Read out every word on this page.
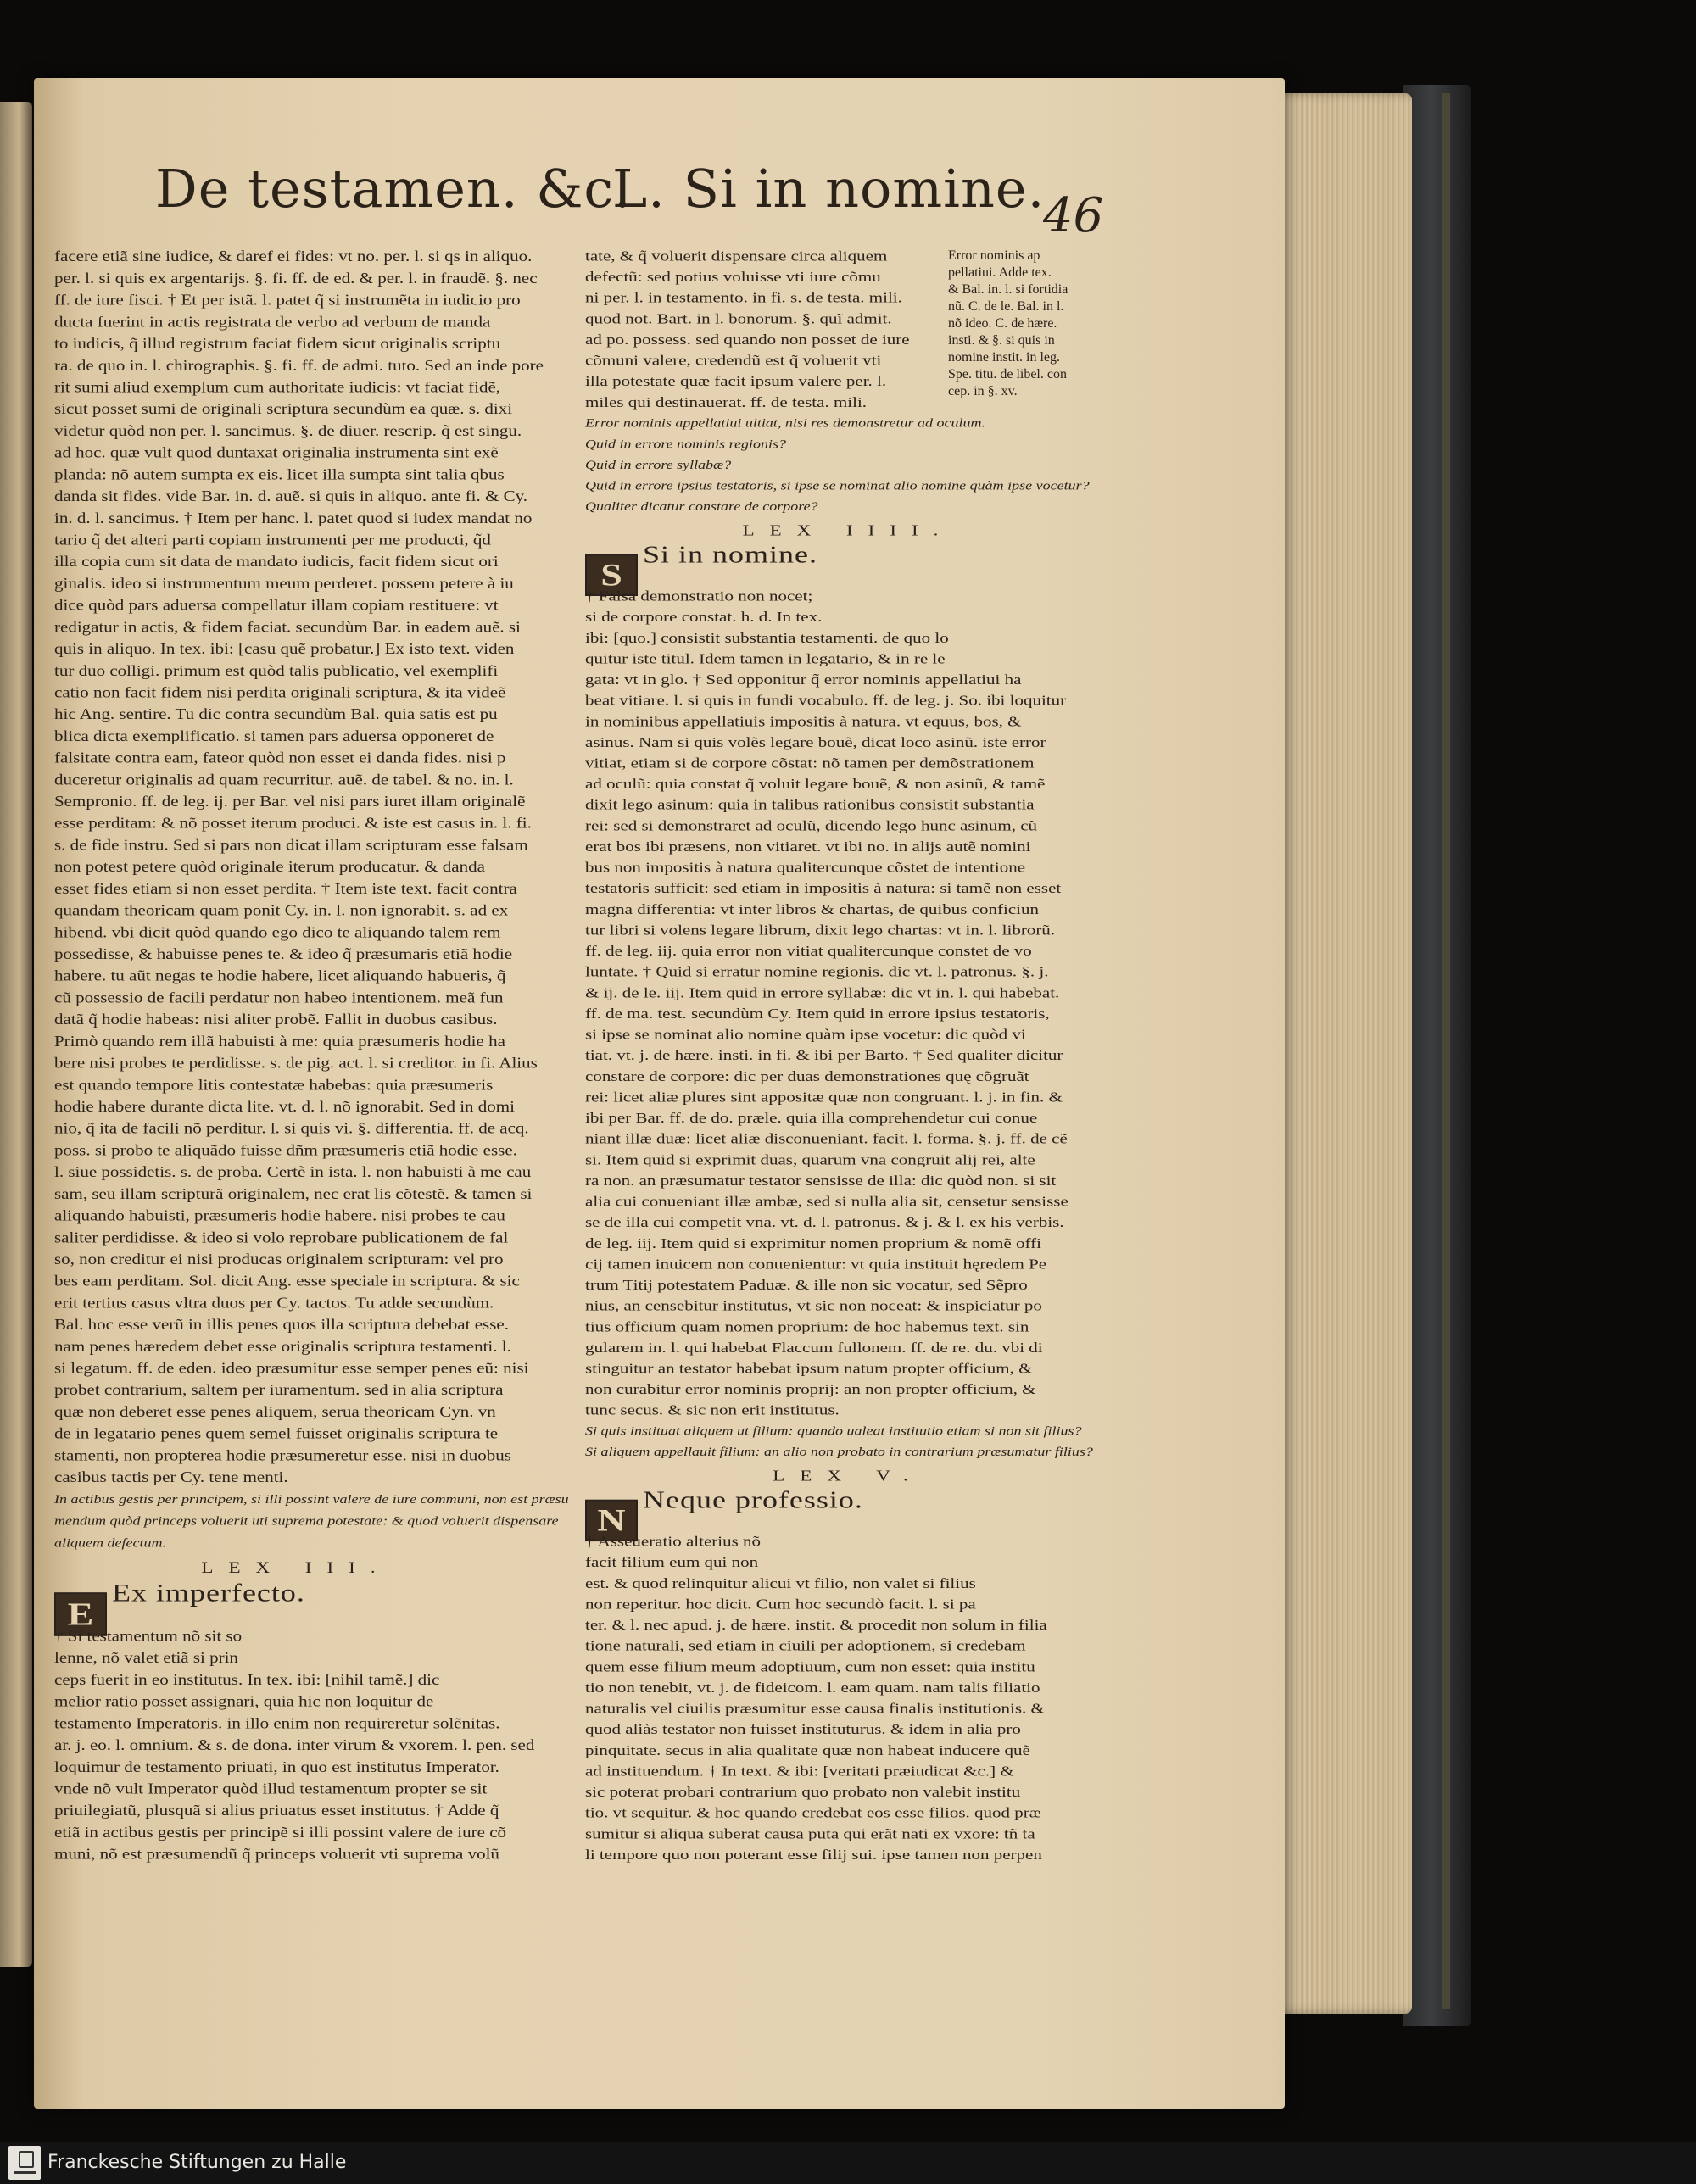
De testamen. &c.
L. Si in nomine.
46
facere etiã sine iudice, & daref ei fides: vt no. per. l. si qs in aliquo.
per. l. si quis ex argentarijs. §. fi. ff. de ed. & per. l. in fraudẽ. §. nec
ff. de iure fisci. † Et per istã. l. patet q̃ si instrumẽta in iudicio pro
ducta fuerint in actis registrata de verbo ad verbum de manda
to iudicis, q̃ illud registrum faciat fidem sicut originalis scriptu
ra. de quo in. l. chirographis. §. fi. ff. de admi. tuto. Sed an inde pore
rit sumi aliud exemplum cum authoritate iudicis: vt faciat fidẽ,
sicut posset sumi de originali scriptura secundùm ea quæ. s. dixi
videtur quòd non per. l. sancimus. §. de diuer. rescrip. q̃ est singu.
ad hoc. quæ vult quod duntaxat originalia instrumenta sint exẽ
planda: nõ autem sumpta ex eis. licet illa sumpta sint talia qbus
danda sit fides. vide Bar. in. d. auẽ. si quis in aliquo. ante fi. & Cy.
in. d. l. sancimus. † Item per hanc. l. patet quod si iudex mandat no
tario q̃ det alteri parti copiam instrumenti per me producti, q̃d
illa copia cum sit data de mandato iudicis, facit fidem sicut ori
ginalis. ideo si instrumentum meum perderet. possem petere à iu
dice quòd pars aduersa compellatur illam copiam restituere: vt
redigatur in actis, & fidem faciat. secundùm Bar. in eadem auẽ. si
quis in aliquo. In tex. ibi: [casu quẽ probatur.] Ex isto text. viden
tur duo colligi. primum est quòd talis publicatio, vel exemplifi
catio non facit fidem nisi perdita originali scriptura, & ita videẽ
hic Ang. sentire. Tu dic contra secundùm Bal. quia satis est pu
blica dicta exemplificatio. si tamen pars aduersa opponeret de
falsitate contra eam, fateor quòd non esset ei danda fides. nisi p
duceretur originalis ad quam recurritur. auẽ. de tabel. & no. in. l.
Sempronio. ff. de leg. ij. per Bar. vel nisi pars iuret illam originalẽ
esse perditam: & nõ posset iterum produci. & iste est casus in. l. fi.
s. de fide instru. Sed si pars non dicat illam scripturam esse falsam
non potest petere quòd originale iterum producatur. & danda
esset fides etiam si non esset perdita. † Item iste text. facit contra
quandam theoricam quam ponit Cy. in. l. non ignorabit. s. ad ex
hibend. vbi dicit quòd quando ego dico te aliquando talem rem
possedisse, & habuisse penes te. & ideo q̃ præsumaris etiã hodie
habere. tu aũt negas te hodie habere, licet aliquando habueris, q̃
cũ possessio de facili perdatur non habeo intentionem. meã fun
datã q̃ hodie habeas: nisi aliter probẽ. Fallit in duobus casibus.
Primò quando rem illã habuisti à me: quia præsumeris hodie ha
bere nisi probes te perdidisse. s. de pig. act. l. si creditor. in fi. Alius
est quando tempore litis contestatæ habebas: quia præsumeris
hodie habere durante dicta lite. vt. d. l. nõ ignorabit. Sed in domi
nio, q̃ ita de facili nõ perditur. l. si quis vi. §. differentia. ff. de acq.
poss. si probo te aliquãdo fuisse dñm præsumeris etiã hodie esse.
l. siue possidetis. s. de proba. Certè in ista. l. non habuisti à me cau
sam, seu illam scripturã originalem, nec erat lis cõtestẽ. & tamen si
aliquando habuisti, præsumeris hodie habere. nisi probes te cau
saliter perdidisse. & ideo si volo reprobare publicationem de fal
so, non creditur ei nisi producas originalem scripturam: vel pro
bes eam perditam. Sol. dicit Ang. esse speciale in scriptura. & sic
erit tertius casus vltra duos per Cy. tactos. Tu adde secundùm.
Bal. hoc esse verũ in illis penes quos illa scriptura debebat esse.
nam penes hæredem debet esse originalis scriptura testamenti. l.
si legatum. ff. de eden. ideo præsumitur esse semper penes eũ: nisi
probet contrarium, saltem per iuramentum. sed in alia scriptura
quæ non deberet esse penes aliquem, serua theoricam Cyn. vn
de in legatario penes quem semel fuisset originalis scriptura te
stamenti, non propterea hodie præsumeretur esse. nisi in duobus
casibus tactis per Cy. tene menti.
In actibus gestis per principem, si illi possint valere de iure communi, non est præsu
mendum quòd princeps voluerit uti suprema potestate: & quod voluerit dispensare
aliquem defectum.
LEX III.
EEx imperfecto.
† Si testamentum nõ sit so
lenne, nõ valet etiã si prin
ceps fuerit in eo institutus. In tex. ibi: [nihil tamẽ.] dic
melior ratio posset assignari, quia hic non loquitur de
testamento Imperatoris. in illo enim non requireretur solẽnitas.
ar. j. eo. l. omnium. & s. de dona. inter virum & vxorem. l. pen. sed
loquimur de testamento priuati, in quo est institutus Imperator.
vnde nõ vult Imperator quòd illud testamentum propter se sit
priuilegiatũ, plusquã si alius priuatus esset institutus. † Adde q̃
etiã in actibus gestis per principẽ si illi possint valere de iure cõ
muni, nõ est præsumendũ q̃ princeps voluerit vti suprema volũ
tate, & q̃ voluerit dispensare circa aliquem
defectũ: sed potius voluisse vti iure cõmu
ni per. l. in testamento. in fi. s. de testa. mili.
quod not. Bart. in l. bonorum. §. quĩ admit.
ad po. possess. sed quando non posset de iure
cõmuni valere, credendũ est q̃ voluerit vti
illa potestate quæ facit ipsum valere per. l.
miles qui destinauerat. ff. de testa. mili.
Error nominis appellatiui uitiat, nisi res demonstretur ad oculum.
Quid in errore nominis regionis?
Quid in errore syllabæ?
Quid in errore ipsius testatoris, si ipse se nominat alio nomine quàm ipse vocetur?
Qualiter dicatur constare de corpore?
LEX IIII.
SSi in nomine.
† Falsa demonstratio non nocet;
si de corpore constat. h. d. In tex.
ibi: [quo.] consistit substantia testamenti. de quo lo
quitur iste titul. Idem tamen in legatario, & in re le
gata: vt in glo. † Sed opponitur q̃ error nominis appellatiui ha
beat vitiare. l. si quis in fundi vocabulo. ff. de leg. j. So. ibi loquitur
in nominibus appellatiuis impositis à natura. vt equus, bos, &
asinus. Nam si quis volẽs legare bouẽ, dicat loco asinũ. iste error
vitiat, etiam si de corpore cõstat: nõ tamen per demõstrationem
ad oculũ: quia constat q̃ voluit legare bouẽ, & non asinũ, & tamẽ
dixit lego asinum: quia in talibus rationibus consistit substantia
rei: sed si demonstraret ad oculũ, dicendo lego hunc asinum, cũ
erat bos ibi præsens, non vitiaret. vt ibi no. in alijs autẽ nomini
bus non impositis à natura qualitercunque cõstet de intentione
testatoris sufficit: sed etiam in impositis à natura: si tamẽ non esset
magna differentia: vt inter libros & chartas, de quibus conficiun
tur libri si volens legare librum, dixit lego chartas: vt in. l. librorũ.
ff. de leg. iij. quia error non vitiat qualitercunque constet de vo
luntate. † Quid si erratur nomine regionis. dic vt. l. patronus. §. j.
& ij. de le. iij. Item quid in errore syllabæ: dic vt in. l. qui habebat.
ff. de ma. test. secundùm Cy. Item quid in errore ipsius testatoris,
si ipse se nominat alio nomine quàm ipse vocetur: dic quòd vi
tiat. vt. j. de hære. insti. in fi. & ibi per Barto. † Sed qualiter dicitur
constare de corpore: dic per duas demonstrationes quę cõgruãt
rei: licet aliæ plures sint appositæ quæ non congruant. l. j. in fin. &
ibi per Bar. ff. de do. præle. quia illa comprehendetur cui conue
niant illæ duæ: licet aliæ disconueniant. facit. l. forma. §. j. ff. de cẽ
si. Item quid si exprimit duas, quarum vna congruit alij rei, alte
ra non. an præsumatur testator sensisse de illa: dic quòd non. si sit
alia cui conueniant illæ ambæ, sed si nulla alia sit, censetur sensisse
se de illa cui competit vna. vt. d. l. patronus. & j. & l. ex his verbis.
de leg. iij. Item quid si exprimitur nomen proprium & nomẽ offi
cij tamen inuicem non conuenientur: vt quia instituit hęredem Pe
trum Titij potestatem Paduæ. & ille non sic vocatur, sed Sẽpro
nius, an censebitur institutus, vt sic non noceat: & inspiciatur po
tius officium quam nomen proprium: de hoc habemus text. sin
gularem in. l. qui habebat Flaccum fullonem. ff. de re. du. vbi di
stinguitur an testator habebat ipsum natum propter officium, &
non curabitur error nominis proprij: an non propter officium, &
tunc secus. & sic non erit institutus.
Si quis instituat aliquem ut filium: quando ualeat institutio etiam si non sit filius?
Si aliquem appellauit filium: an alio non probato in contrarium præsumatur filius?
LEX V.
NNeque professio.
† Asseueratio alterius nõ
facit filium eum qui non
est. & quod relinquitur alicui vt filio, non valet si filius
non reperitur. hoc dicit. Cum hoc secundò facit. l. si pa
ter. & l. nec apud. j. de hære. instit. & procedit non solum in filia
tione naturali, sed etiam in ciuili per adoptionem, si credebam
quem esse filium meum adoptiuum, cum non esset: quia institu
tio non tenebit, vt. j. de fideicom. l. eam quam. nam talis filiatio
naturalis vel ciuilis præsumitur esse causa finalis institutionis. &
quod aliàs testator non fuisset instituturus. & idem in alia pro
pinquitate. secus in alia qualitate quæ non habeat inducere quẽ
ad instituendum. † In text. & ibi: [veritati præiudicat &c.] &
sic poterat probari contrarium quo probato non valebit institu
tio. vt sequitur. & hoc quando credebat eos esse filios. quod præ
sumitur si aliqua suberat causa puta qui erãt nati ex vxore: tñ ta
li tempore quo non poterant esse filij sui. ipse tamen non perpen
Error nominis ap
pellatiui. Adde tex.
& Bal. in. l. si fortidia
nũ. C. de le. Bal. in l.
nõ ideo. C. de hære.
insti. & §. si quis in
nomine instit. in leg.
Spe. titu. de libel. con
cep. in §. xv.
Franckesche Stiftungen zu Halle
